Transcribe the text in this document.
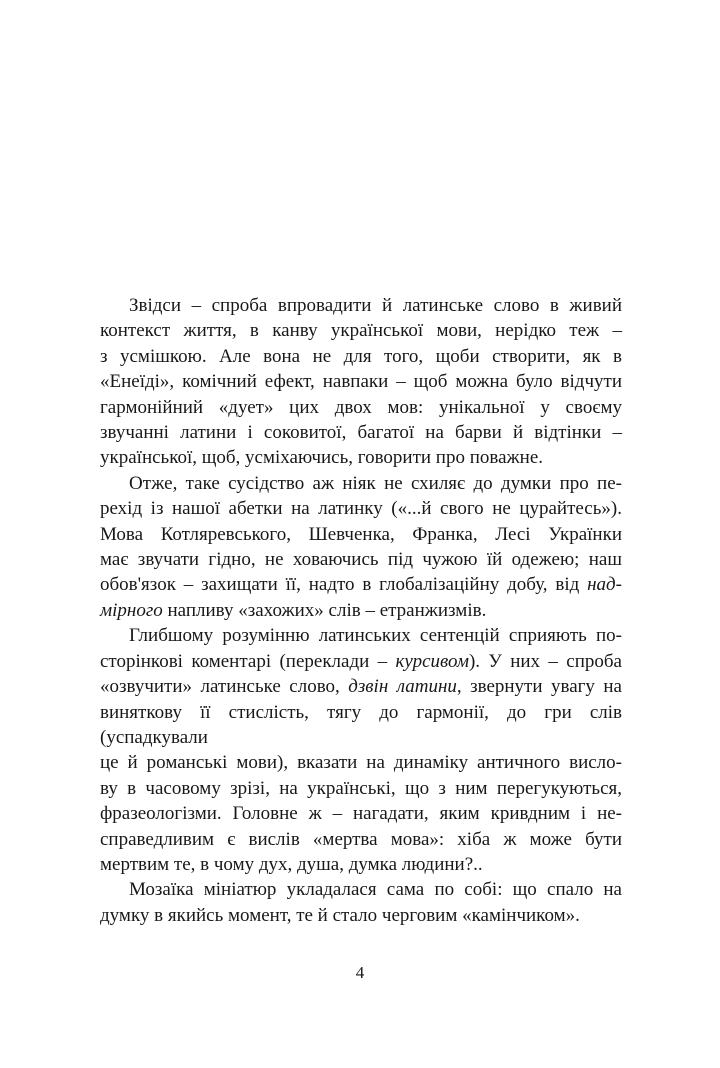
Звідси – спроба впровадити й латинське слово в живий
контекст життя, в канву української мови, нерідко теж –
з усмішкою. Але вона не для того, щоби створити, як в
«Енеїді», комічний ефект, навпаки – щоб можна було відчути
гармонійний «дует» цих двох мов: унікальної у своєму
звучанні латини і соковитої, багатої на барви й відтінки –
української, щоб, усміхаючись, говорити про поважне.
Отже, таке сусідство аж ніяк не схиляє до думки про пе-
рехід із нашої абетки на латинку («...й свого не цурайтесь»).
Мова Котляревського, Шевченка, Франка, Лесі Українки
має звучати гідно, не ховаючись під чужою їй одежею; наш
обов'язок – захищати її, надто в глобалізаційну добу, від над-
мірного напливу «захожих» слів – етранжизмів.
Глибшому розумінню латинських сентенцій сприяють по-
сторінкові коментарі (переклади – курсивом). У них – спроба
«озвучити» латинське слово, дзвін латини, звернути увагу на
виняткову її стислість, тягу до гармонії, до гри слів (успадкували
це й романські мови), вказати на динаміку античного висло-
ву в часовому зрізі, на українські, що з ним перегукуються,
фразеологізми. Головне ж – нагадати, яким кривдним і не-
справедливим є вислів «мертва мова»: хіба ж може бути
мертвим те, в чому дух, душа, думка людини?..
Мозаїка мініатюр укладалася сама по собі: що спало на
думку в якийсь момент, те й стало черговим «камінчиком».
4
